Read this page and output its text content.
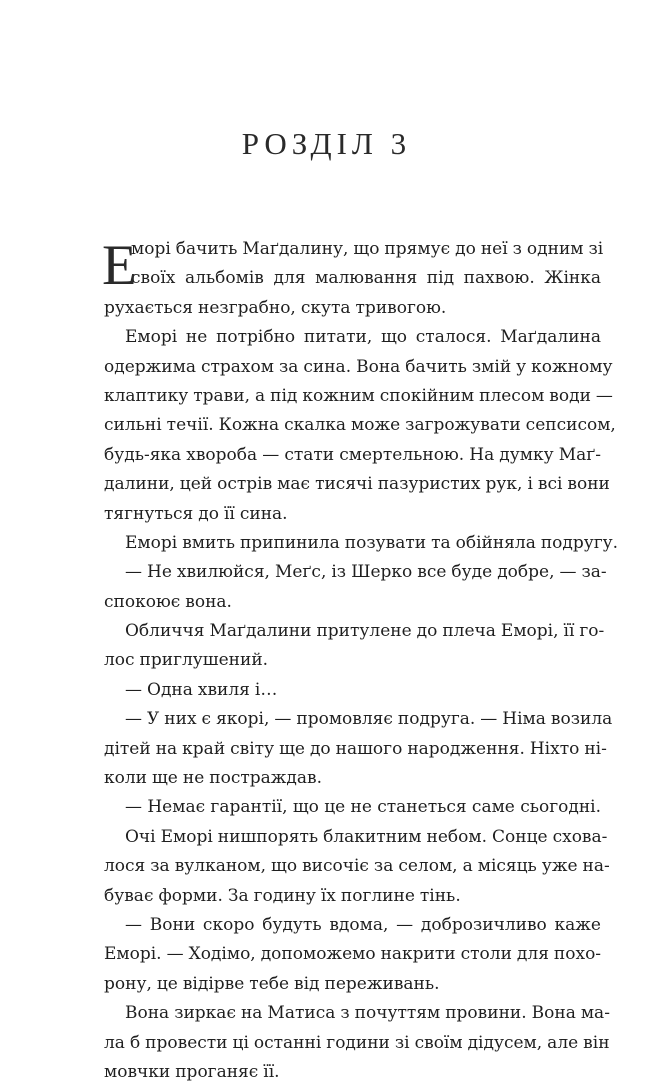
РОЗДІЛ 3
Е
морі бачить Маґдалину, що прямує до неї з одним зі
своїх альбомів для малювання під пахвою. Жінка
рухається незграбно, скута тривогою.
Еморі не потрібно питати, що сталося. Маґдалина
одержима страхом за сина. Вона бачить змій у кожному
клаптику трави, а під кожним спокійним плесом води —
сильні течії. Кожна скалка може загрожувати сепсисом,
будь-яка хвороба — стати смертельною. На думку Маґ-
далини, цей острів має тисячі пазуристих рук, і всі вони
тягнуться до її сина.
Еморі вмить припинила позувати та обійняла подругу.
— Не хвилюйся, Меґс, із Шерко все буде добре, — за-
спокоює вона.
Обличчя Маґдалини притулене до плеча Еморі, її го-
лос приглушений.
— Одна хвиля і…
— У них є якорі, — промовляє подруга. — Німа возила
дітей на край світу ще до нашого народження. Ніхто ні-
коли ще не постраждав.
— Немає гарантії, що це не станеться саме сьогодні.
Очі Еморі нишпорять блакитним небом. Сонце схова-
лося за вулканом, що височіє за селом, а місяць уже на-
буває форми. За годину їх поглине тінь.
— Вони скоро будуть вдома, — доброзичливо каже
Еморі. — Ходімо, допоможемо накрити столи для похо-
рону, це відірве тебе від переживань.
Вона зиркає на Матиса з почуттям провини. Вона ма-
ла б провести ці останні години зі своїм дідусем, але він
мовчки проганяє її.
